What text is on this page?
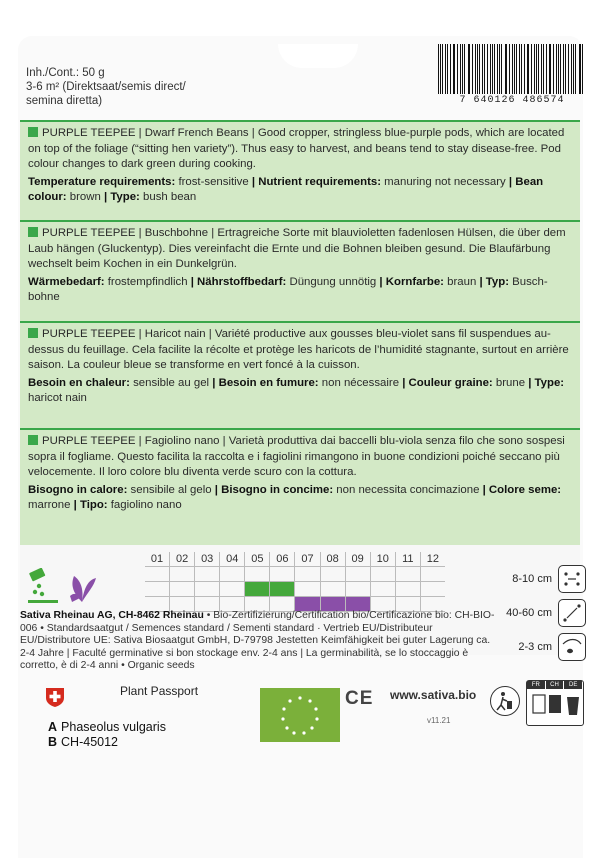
Inh./Cont.: 50 g
3-6 m² (Direktsaat/semis direct/
semina diretta)	7 640126 486574

PURPLE TEEPEE | Dwarf French Beans | Good cropper, stringless blue-purple pods, which are located on top of the foliage (“sitting hen variety”). Thus easy to harvest, and beans tend to stay disease-free. Pod colour changes to dark green during cooking.

Temperature requirements: frost-sensitive | Nutrient requirements: manuring not necessary | Bean colour: brown | Type: bush bean

PURPLE TEEPEE | Buschbohne | Ertragreiche Sorte mit blauvioletten fadenlosen Hülsen, die über dem Laub hängen (Gluckentyp). Dies vereinfacht die Ernte und die Bohnen bleiben gesund. Die Blaufärbung wechselt beim Kochen in ein Dunkelgrün.

Wärmebedarf: frostempfindlich | Nährstoffbedarf: Düngung unnötig | Kornfarbe: braun | Typ: Busch-bohne

PURPLE TEEPEE | Haricot nain | Variété productive aux gousses bleu-violet sans fil suspendues au-dessus du feuillage. Cela facilite la récolte et protège les haricots de l’humidité stagnante, surtout en arrière saison. La couleur bleue se transforme en vert foncé à la cuisson.

Besoin en chaleur: sensible au gel | Besoin en fumure: non nécessaire | Couleur graine: brune | Type: haricot nain

PURPLE TEEPEE | Fagiolino nano | Varietà produttiva dai baccelli blu-viola senza filo che sono sospesi sopra il fogliame. Questo facilita la raccolta e i fagiolini rimangono in buone condizioni poiché seccano più velocemente. Il loro colore blu diventa verde scuro con la cottura.

Bisogno in calore: sensibile al gelo | Bisogno in concime: non necessita concimazione | Colore seme: marrone | Tipo: fagiolino nano

01	02	03	04	05	06	07	08	09	10	11	12
8-10 cm
40-60 cm
2-3 cm
Sativa Rheinau AG, CH-8462 Rheinau • Bio-Zertifizierung/Certification bio/Certificazione bio: CH-BIO-006 • Standardsaatgut / Semences standard / Sementi standard · Vertrieb EU/Distributeur EU/Distributore UE: Sativa Biosaatgut GmbH, D-79798 Jestetten Keimfähigkeit bei guter Lagerung ca. 2-4 Jahre | Faculté germinative si bon stockage env. 2-4 ans | La germinabilità, se lo stoccaggio è corretto, è di 2-4 anni • Organic seeds
Plant Passport
A Phaseolus vulgaris
B CH-45012
CE www.sativa.bio
v11.21
FR	CH	DE
